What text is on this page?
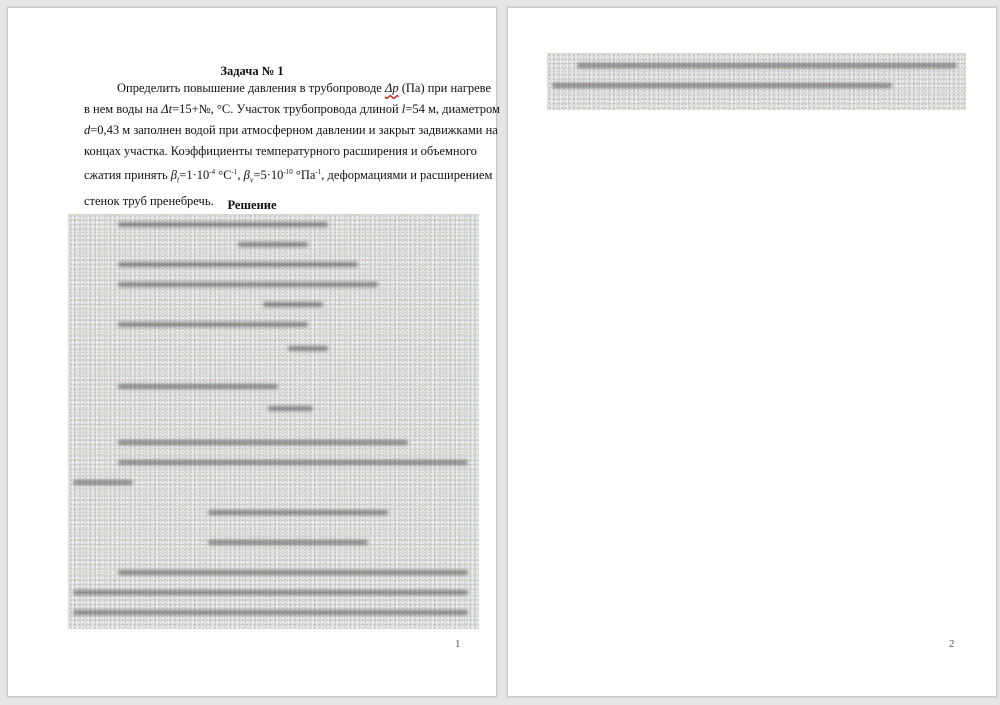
Задача № 1
Определить повышение давления в трубопроводе Δp (Па) при нагреве
в нем воды на Δt=15+№, °С. Участок трубопровода длиной l=54 м, диаметром
d=0,43 м заполнен водой при атмосферном давлении и закрыт задвижками на
концах участка. Коэффициенты температурного расширения и объемного
сжатия принять $\beta_t=1\cdot 10^{-4}$ $^\circ С^{-1}$, $\beta_v=5\cdot 10^{-10}$ $^\circ Па^{-1}$, деформациями и расширением
стенок труб пренебречь.	Решение
1	2
